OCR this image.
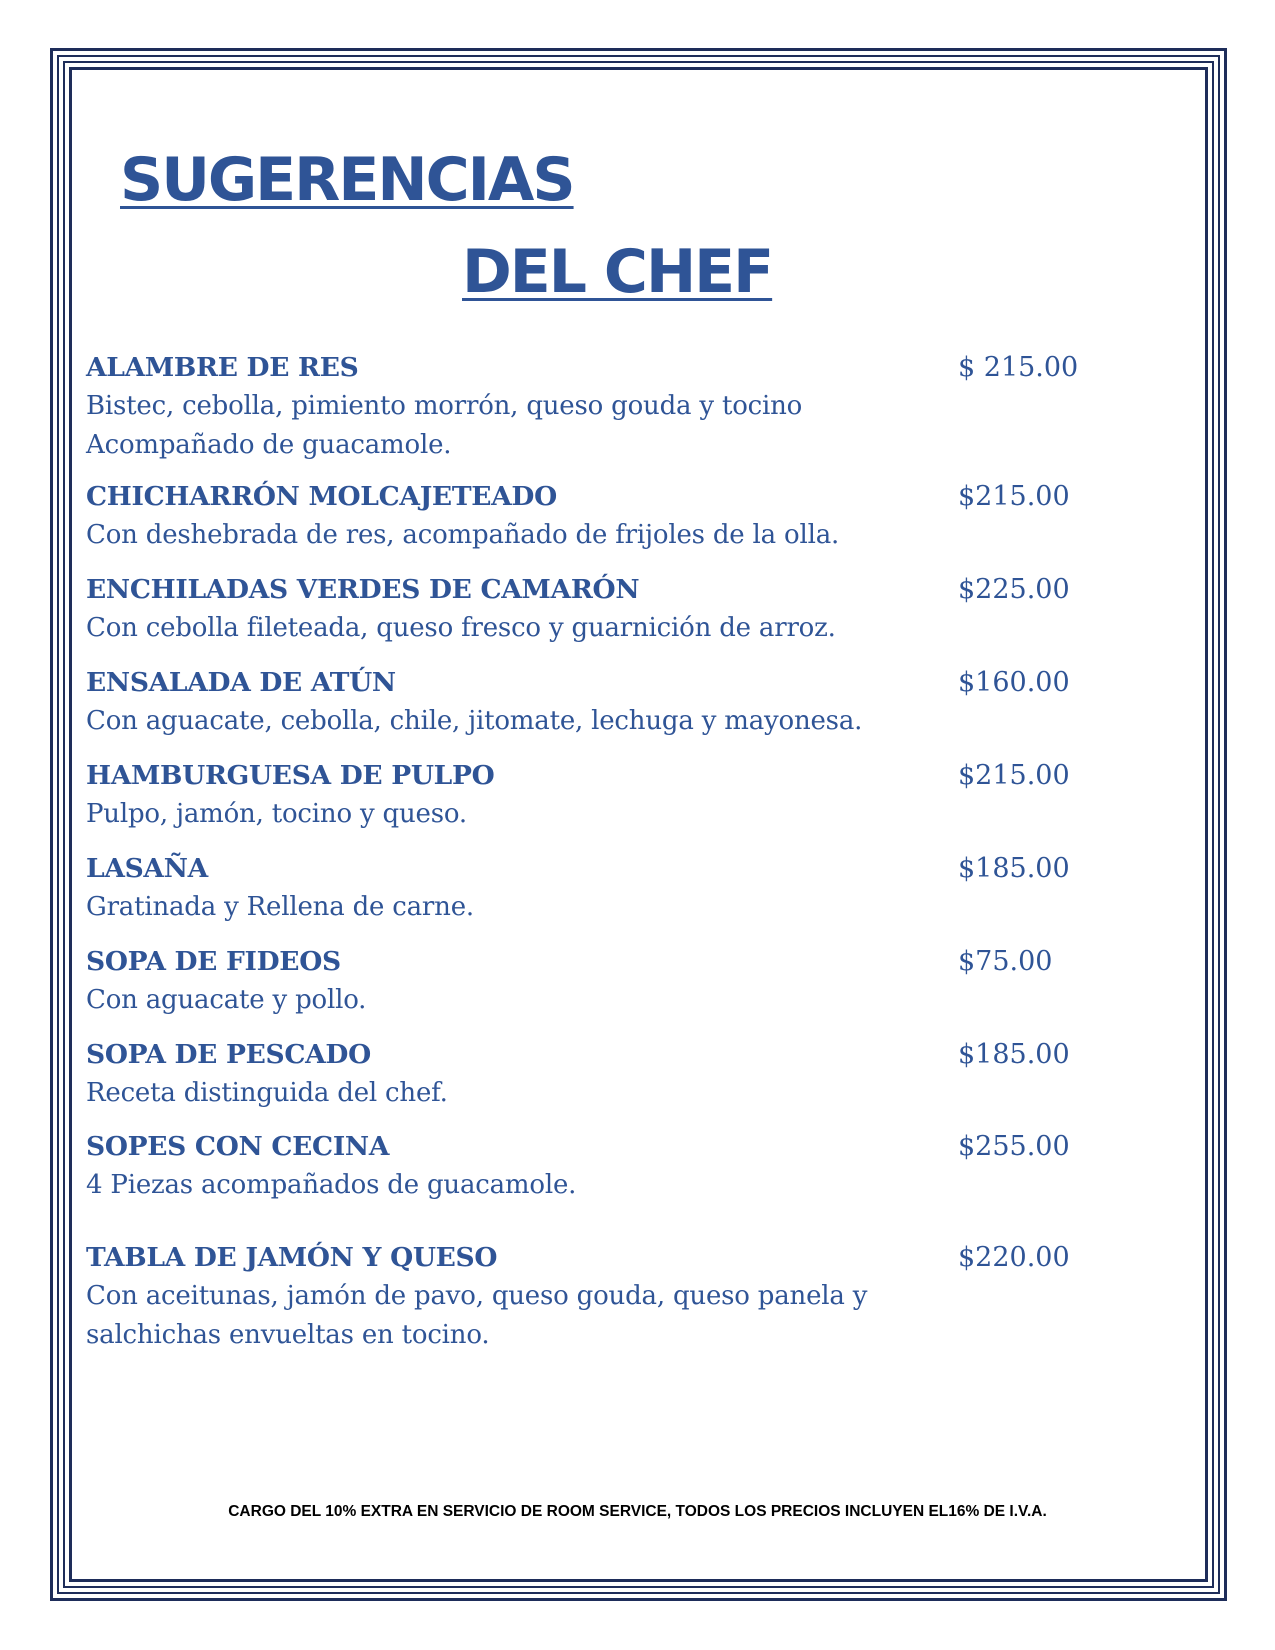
SUGERENCIAS
DEL CHEF
ALAMBRE DE RES	$ 215.00
Bistec, cebolla, pimiento morrón, queso gouda y tocino
Acompañado de guacamole.
CHICHARRÓN MOLCAJETEADO	$215.00
Con deshebrada de res, acompañado de frijoles de la olla.
ENCHILADAS VERDES DE CAMARÓN	$225.00
Con cebolla fileteada, queso fresco y guarnición de arroz.
ENSALADA DE ATÚN	$160.00
Con aguacate, cebolla, chile, jitomate, lechuga y mayonesa.
HAMBURGUESA DE PULPO	$215.00
Pulpo, jamón, tocino y queso.
LASAÑA	$185.00
Gratinada y Rellena de carne.
SOPA DE FIDEOS	$75.00
Con aguacate y pollo.
SOPA DE PESCADO	$185.00
Receta distinguida del chef.
SOPES CON CECINA	$255.00
4 Piezas acompañados de guacamole.
TABLA DE JAMÓN Y QUESO	$220.00
Con aceitunas, jamón de pavo, queso gouda, queso panela y
salchichas envueltas en tocino.
CARGO DEL 10% EXTRA EN SERVICIO DE ROOM SERVICE, TODOS LOS PRECIOS INCLUYEN EL16% DE I.V.A.
